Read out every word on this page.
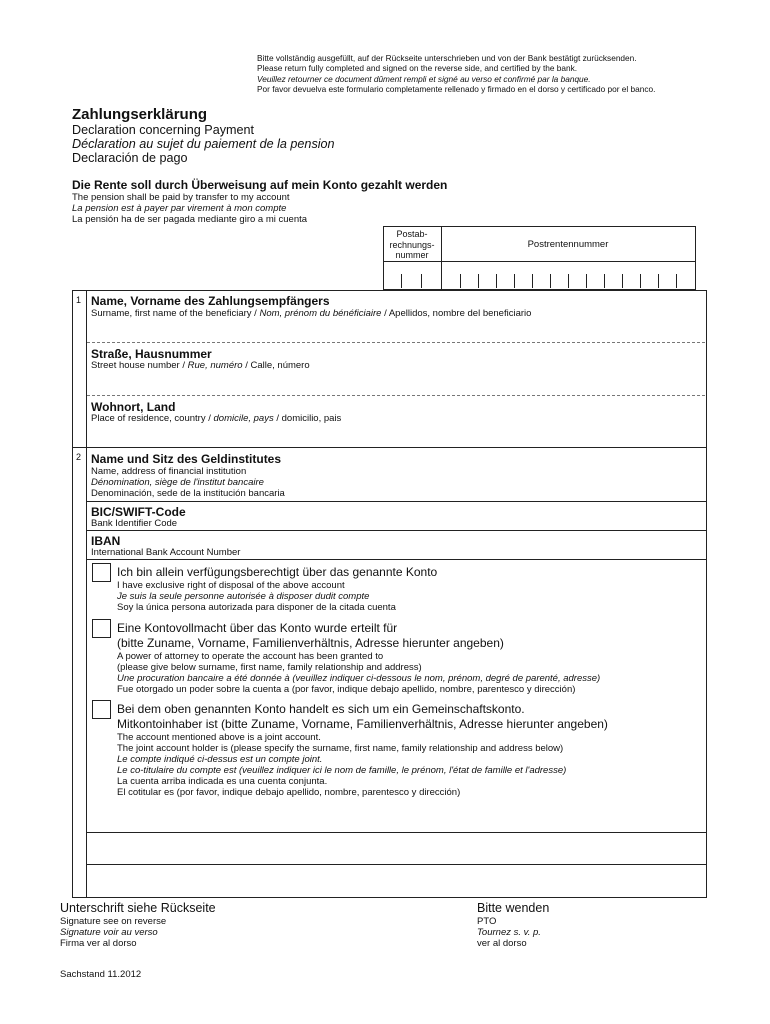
Bitte vollständig ausgefüllt, auf der Rückseite unterschrieben und von der Bank bestätigt zurücksenden.
Please return fully completed and signed on the reverse side, and certified by the bank.
Veuillez retourner ce document dûment rempli et signé au verso et confirmé par la banque.
Por favor devuelva este formulario completamente rellenado y firmado en el dorso y certificado por el banco.
Zahlungserklärung
Declaration concerning Payment
Déclaration au sujet du paiement de la pension
Declaración de pago
Die Rente soll durch Überweisung auf mein Konto gezahlt werden
The pension shall be paid by transfer to my account
La pension est à payer par virement à mon compte
La pensión ha de ser pagada mediante giro a mi cuenta
Postab-
rechnungs-
nummer
Postrentennummer
1
2
Name, Vorname des Zahlungsempfängers
Surname, first name of the beneficiary / Nom, prénom du bénéficiaire / Apellidos, nombre del beneficiario
Straße, Hausnummer
Street house number / Rue, numéro / Calle, número
Wohnort, Land
Place of residence, country / domicile, pays / domicilio, pais
Name und Sitz des Geldinstitutes
Name, address of financial institution
Dénomination, siège de l'institut bancaire
Denominación, sede de la institución bancaria
BIC/SWIFT-Code
Bank Identifier Code
IBAN
International Bank Account Number
Ich bin allein verfügungsberechtigt über das genannte Konto
I have exclusive right of disposal of the above account
Je suis la seule personne autorisée à disposer dudit compte
Soy la única persona autorizada para disponer de la citada cuenta
Eine Kontovollmacht über das Konto wurde erteilt für
(bitte Zuname, Vorname, Familienverhältnis, Adresse hierunter angeben)
A power of attorney to operate the account has been granted to
(please give below surname, first name, family relationship and address)
Une procuration bancaire a été donnée à (veuillez indiquer ci-dessous le nom, prénom, degré de parenté, adresse)
Fue otorgado un poder sobre la cuenta a (por favor, indique debajo apellido, nombre, parentesco y dirección)
Bei dem oben genannten Konto handelt es sich um ein Gemeinschaftskonto.
Mitkontoinhaber ist (bitte Zuname, Vorname, Familienverhältnis, Adresse hierunter angeben)
The account mentioned above is a joint account.
The joint account holder is (please specify the surname, first name, family relationship and address below)
Le compte indiqué ci-dessus est un compte joint.
Le co-titulaire du compte est (veuillez indiquer ici le nom de famille, le prénom, l'état de famille et l'adresse)
La cuenta arriba indicada es una cuenta conjunta.
El cotitular es (por favor, indique debajo apellido, nombre, parentesco y dirección)
Unterschrift siehe Rückseite
Signature see on reverse
Signature voir au verso
Firma ver al dorso
Bitte wenden
PTO
Tournez s. v. p.
ver al dorso
Sachstand 11.2012
